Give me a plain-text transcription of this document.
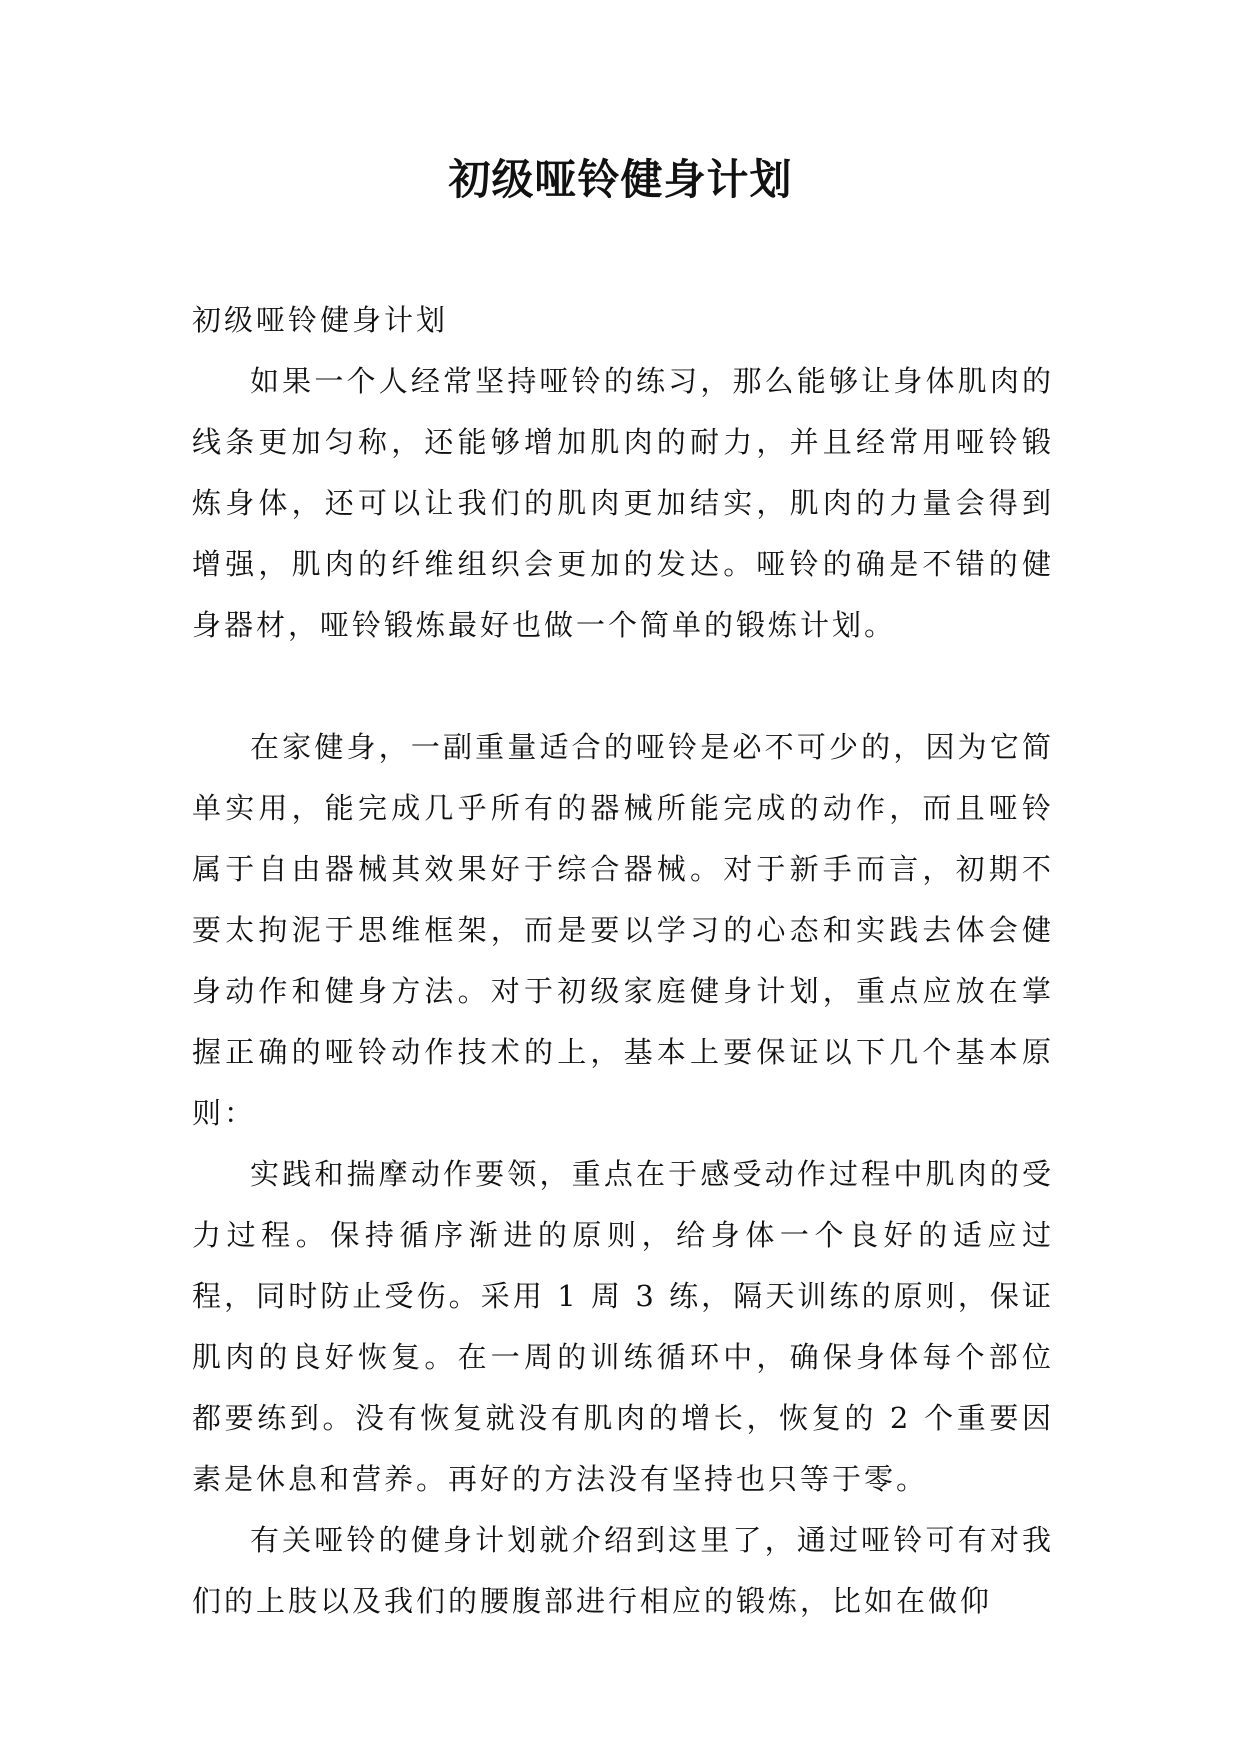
初级哑铃健身计划

初级哑铃健身计划

如果一个人经常坚持哑铃的练习，那么能够让身体肌肉的线条更加匀称，还能够增加肌肉的耐力，并且经常用哑铃锻炼身体，还可以让我们的肌肉更加结实，肌肉的力量会得到增强，肌肉的纤维组织会更加的发达。哑铃的确是不错的健身器材，哑铃锻炼最好也做一个简单的锻炼计划。

在家健身，一副重量适合的哑铃是必不可少的，因为它简单实用，能完成几乎所有的器械所能完成的动作，而且哑铃属于自由器械其效果好于综合器械。对于新手而言，初期不要太拘泥于思维框架，而是要以学习的心态和实践去体会健身动作和健身方法。对于初级家庭健身计划，重点应放在掌握正确的哑铃动作技术的上，基本上要保证以下几个基本原则：

实践和揣摩动作要领，重点在于感受动作过程中肌肉的受力过程。保持循序渐进的原则，给身体一个良好的适应过程，同时防止受伤。采用 1 周 3 练，隔天训练的原则，保证肌肉的良好恢复。在一周的训练循环中，确保身体每个部位都要练到。没有恢复就没有肌肉的增长，恢复的 2 个重要因素是休息和营养。再好的方法没有坚持也只等于零。

有关哑铃的健身计划就介绍到这里了，通过哑铃可有对我们的上肢以及我们的腰腹部进行相应的锻炼，比如在做仰
